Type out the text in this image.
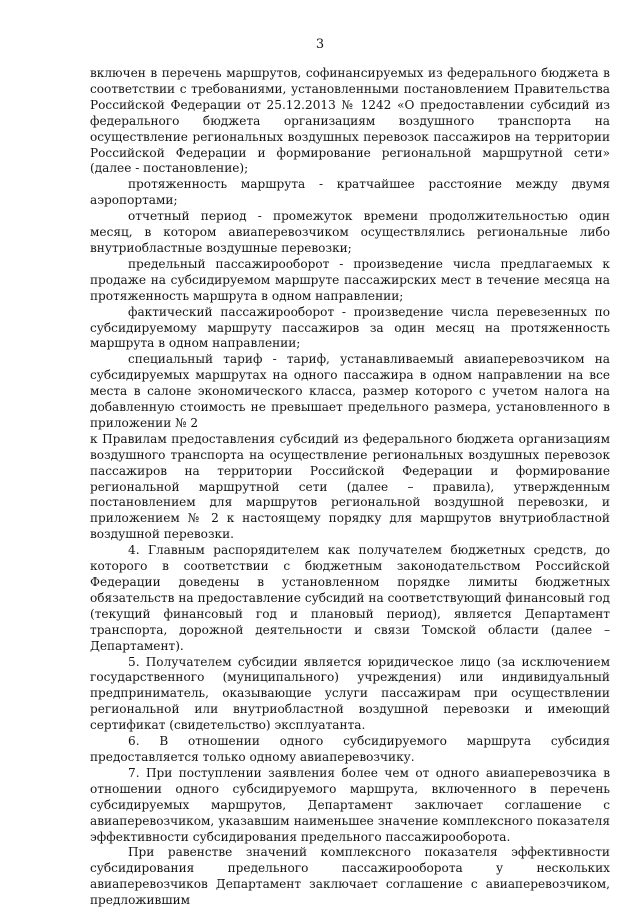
3

включен в перечень маршрутов, софинансируемых из федерального бюджета в соответствии с требованиями, установленными постановлением Правительства Российской Федерации от 25.12.2013 № 1242 «О предоставлении субсидий из федерального бюджета организациям воздушного транспорта на осуществление региональных воздушных перевозок пассажиров на территории Российской Федерации и формирование региональной маршрутной сети» (далее - постановление);

протяженность маршрута - кратчайшее расстояние между двумя аэропортами;

отчетный период - промежуток времени продолжительностью один месяц, в котором авиаперевозчиком осуществлялись региональные либо внутриобластные воздушные перевозки;

предельный пассажирооборот - произведение числа предлагаемых к продаже на субсидируемом маршруте пассажирских мест в течение месяца на протяженность маршрута в одном направлении;

фактический пассажирооборот - произведение числа перевезенных по субсидируемому маршруту пассажиров за один месяц на протяженность маршрута в одном направлении;

специальный тариф - тариф, устанавливаемый авиаперевозчиком на субсидируемых маршрутах на одного пассажира в одном направлении на все места в салоне экономического класса, размер которого с учетом налога на добавленную стоимость не превышает предельного размера, установленного в приложении № 2

к Правилам предоставления субсидий из федерального бюджета организациям воздушного транспорта на осуществление региональных воздушных перевозок пассажиров на территории Российской Федерации и формирование региональной маршрутной сети (далее – правила), утвержденным постановлением для маршрутов региональной воздушной перевозки, и приложением № 2 к настоящему порядку для маршрутов внутриобластной воздушной перевозки.

4. Главным распорядителем как получателем бюджетных средств, до которого в соответствии с бюджетным законодательством Российской Федерации доведены в установленном порядке лимиты бюджетных обязательств на предоставление субсидий на соответствующий финансовый год (текущий финансовый год и плановый период), является Департамент транспорта, дорожной деятельности и связи Томской области (далее – Департамент).

5. Получателем субсидии является юридическое лицо (за исключением государственного (муниципального) учреждения) или индивидуальный предприниматель, оказывающие услуги пассажирам при осуществлении региональной или внутриобластной воздушной перевозки и имеющий сертификат (свидетельство) эксплуатанта.

6. В отношении одного субсидируемого маршрута субсидия предоставляется только одному авиаперевозчику.

7. При поступлении заявления более чем от одного авиаперевозчика в отношении одного субсидируемого маршрута, включенного в перечень субсидируемых маршрутов, Департамент заключает соглашение с авиаперевозчиком, указавшим наименьшее значение комплексного показателя эффективности субсидирования предельного пассажирооборота.

При равенстве значений комплексного показателя эффективности субсидирования предельного пассажирооборота у нескольких авиаперевозчиков Департамент заключает соглашение с авиаперевозчиком, предложившим
